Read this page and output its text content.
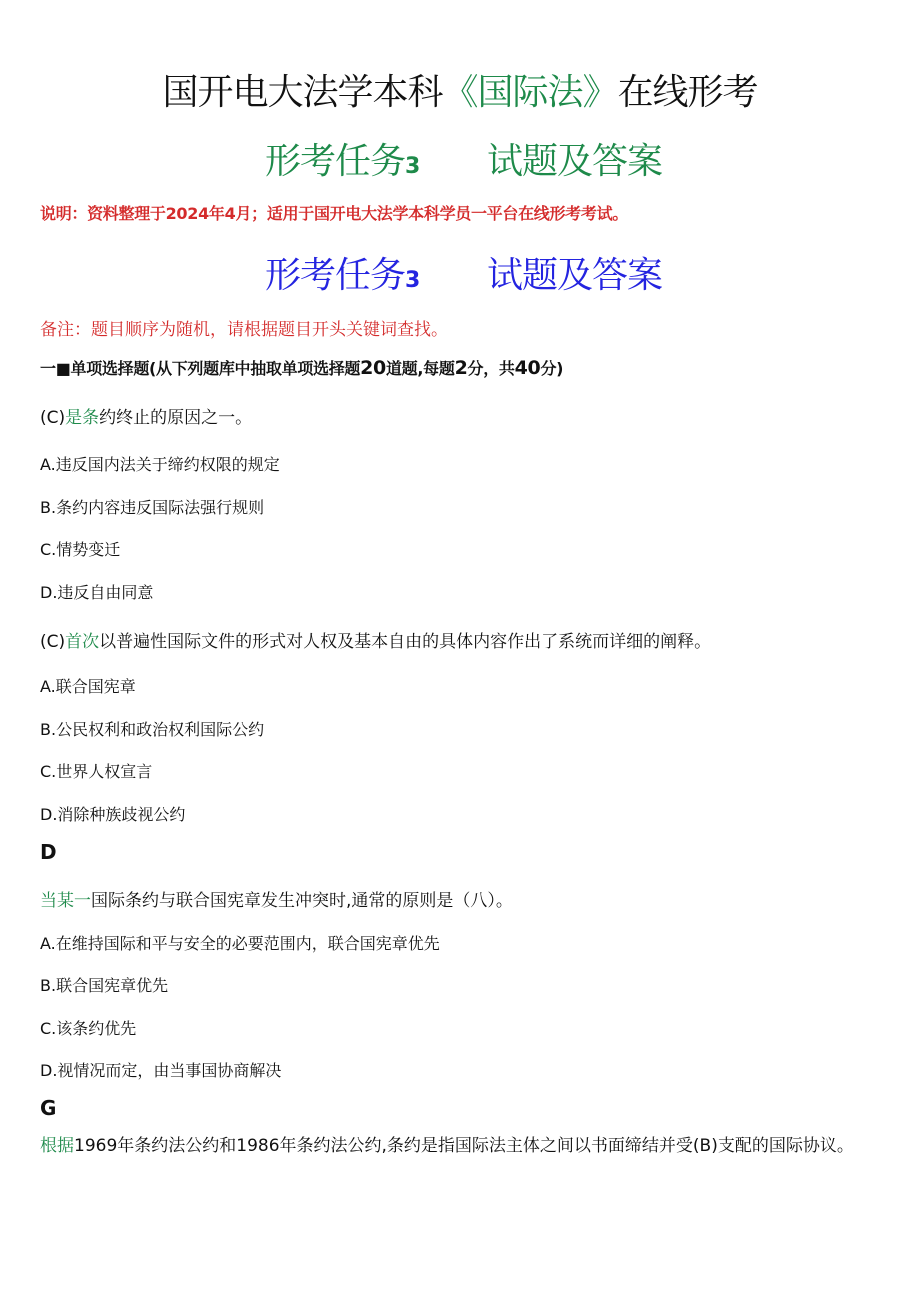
国开电大法学本科《国际法》在线形考
形考任务3 试题及答案
说明：资料整理于2024年4月；适用于国开电大法学本科学员一平台在线形考考试。
形考任务3 试题及答案
备注：题目顺序为随机，请根据题目开头关键词查找。
一■单项选择题(从下列题库中抽取单项选择题20道题,每题2分，共40分)
(C)是条约终止的原因之一。
A.违反国内法关于缔约权限的规定
B.条约内容违反国际法强行规则
C.情势变迁
D.违反自由同意
(C)首次以普遍性国际文件的形式对人权及基本自由的具体内容作出了系统而详细的阐释。
A.联合国宪章
B.公民权利和政治权利国际公约
C.世界人权宣言
D.消除种族歧视公约
D
当某一国际条约与联合国宪章发生冲突时,通常的原则是（八）。
A.在维持国际和平与安全的必要范围内，联合国宪章优先
B.联合国宪章优先
C.该条约优先
D.视情况而定，由当事国协商解决
G
根据1969年条约法公约和1986年条约法公约,条约是指国际法主体之间以书面缔结并受(B)支配的国际协议。
